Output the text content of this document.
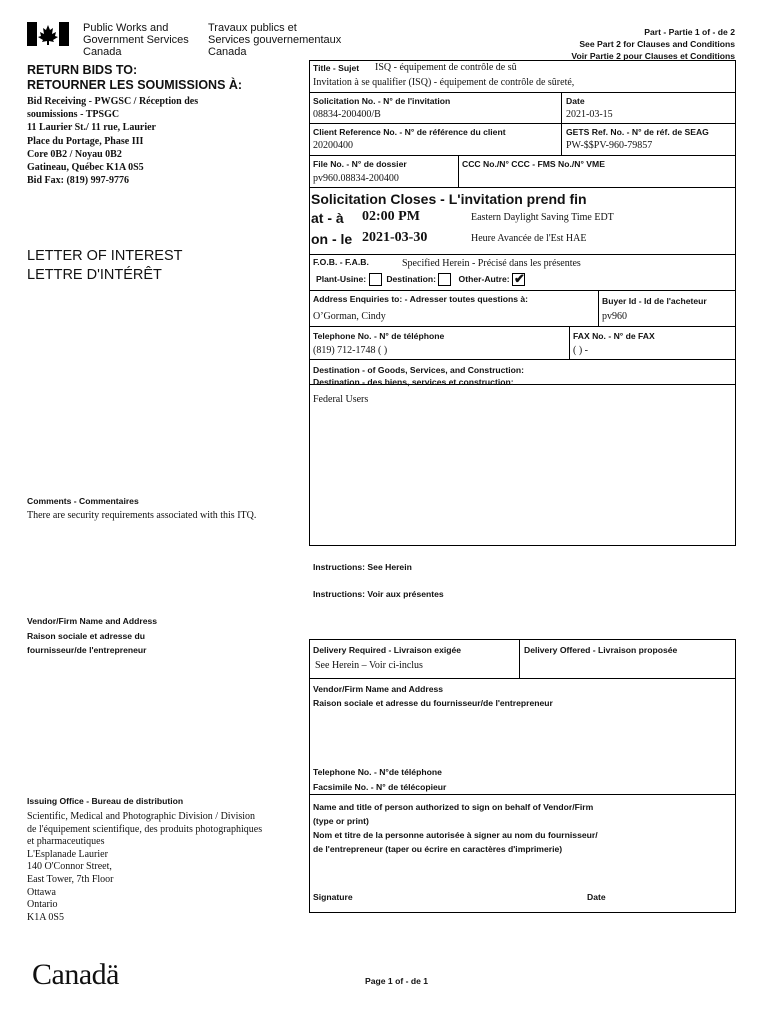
Public Works and
Government Services
Canada
Travaux publics et
Services gouvernementaux
Canada
Part - Partie 1 of - de 2
See Part 2 for Clauses and Conditions
Voir Partie 2 pour Clauses et Conditions
RETURN BIDS TO:
RETOURNER LES SOUMISSIONS À:
Bid Receiving - PWGSC / Réception des
soumissions - TPSGC
11 Laurier St./ 11 rue, Laurier
Place du Portage, Phase III
Core 0B2 / Noyau 0B2
Gatineau, Québec K1A 0S5
Bid Fax: (819) 997-9776
LETTER OF INTEREST
LETTRE D'INTÉRÊT
Comments - Commentaires
There are security requirements associated with this ITQ.
Vendor/Firm Name and Address
Raison sociale et adresse du
fournisseur/de l'entrepreneur
Issuing Office - Bureau de distribution
Scientific, Medical and Photographic Division / Division
de l'équipement scientifique, des produits photographiques
et pharmaceutiques
L'Esplanade Laurier
140 O'Connor Street,
East Tower, 7th Floor
Ottawa
Ontario
K1A 0S5
Title - Sujet ISQ - équipement de contrôle de sû
Invitation à se qualifier (ISQ) - équipement de contrôle de sûreté,
Solicitation No. - N° de l'invitation
08834-200400/B
Date
2021-03-15
Client Reference No. - N° de référence du client
20200400
GETS Ref. No. - N° de réf. de SEAG
PW-$$PV-960-79857
File No. - N° de dossier
pv960.08834-200400
CCC No./N° CCC - FMS No./N° VME
Solicitation Closes - L'invitation prend fin
at - à 02:00 PM	Eastern Daylight Saving Time EDT
on - le 2021-03-30	Heure Avancée de l'Est HAE
F.O.B. - F.A.B.	Specified Herein - Précisé dans les présentes
Plant-Usine: Destination:	Other-Autre: ✔
Address Enquiries to: - Adresser toutes questions à:
O’Gorman, Cindy
Buyer Id - Id de l'acheteur
pv960
Telephone No. - N° de téléphone
(819) 712-1748 ( )
FAX No. - N° de FAX
( ) -
Destination - of Goods, Services, and Construction:
Destination - des biens, services et construction:
Federal Users
Instructions: See Herein
Instructions: Voir aux présentes
Delivery Required - Livraison exigée
See Herein – Voir ci-inclus
Delivery Offered - Livraison proposée
Vendor/Firm Name and Address
Raison sociale et adresse du fournisseur/de l'entrepreneur
Telephone No. - N°de téléphone
Facsimile No. - N° de télécopieur
Name and title of person authorized to sign on behalf of Vendor/Firm
(type or print)
Nom et titre de la personne autorisée à signer au nom du fournisseur/
de l'entrepreneur (taper ou écrire en caractères d'imprimerie)
Signature	Date
Canadä	Page 1 of - de 1
